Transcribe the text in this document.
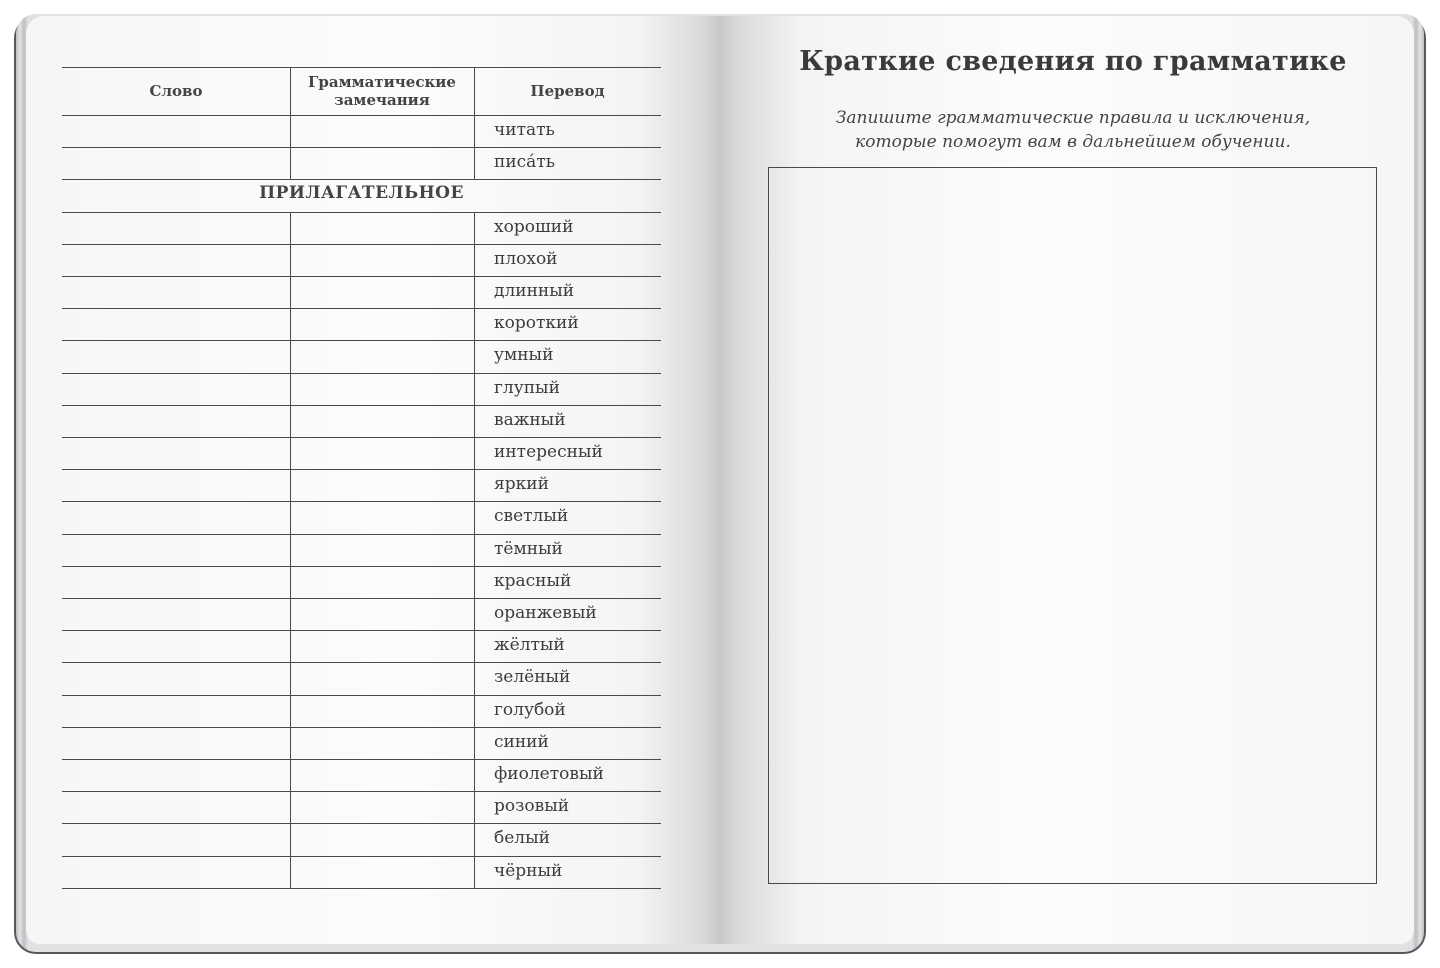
Слово	Грамматические замечания	Перевод
ПРИЛАГАТЕЛЬНОЕ
читать
писа́ть
хороший
плохой
длинный
короткий
умный
глупый
важный
интересный
яркий
светлый
тёмный
красный
оранжевый
жёлтый
зелёный
голубой
синий
фиолетовый
розовый
белый
чёрный
Краткие сведения по грамматике
Запишите грамматические правила и исключения,
которые помогут вам в дальнейшем обучении.
